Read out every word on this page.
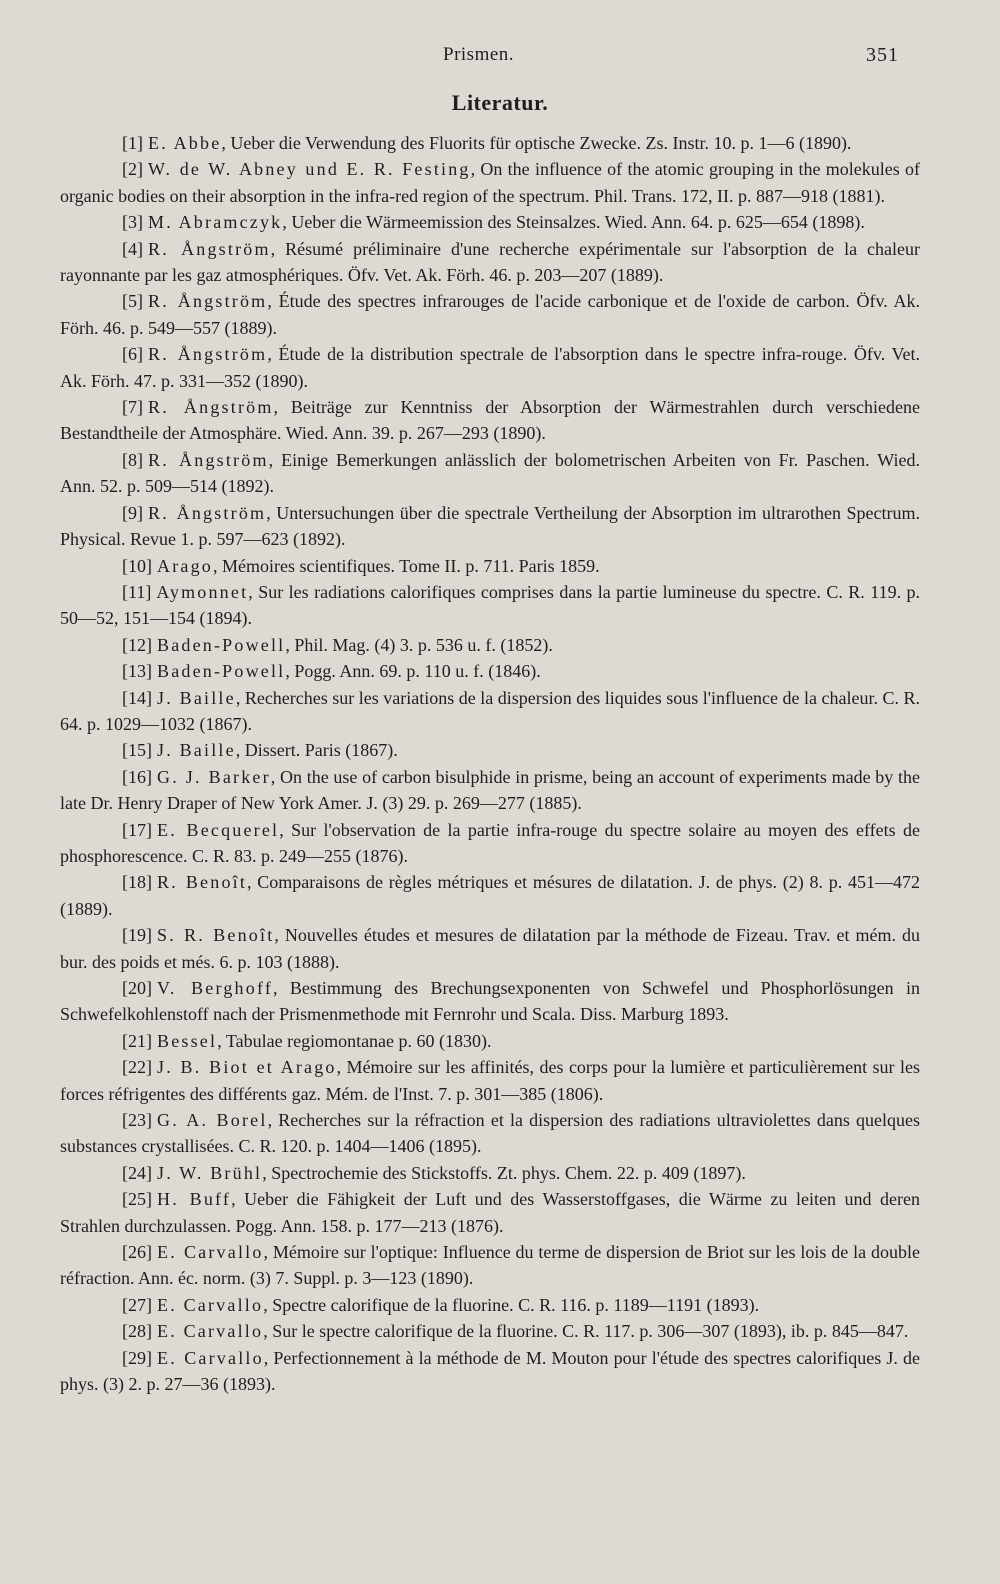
Prismen.	351
Literatur.

[1] E. Abbe, Ueber die Verwendung des Fluorits für optische Zwecke. Zs. Instr. 10. p. 1—6 (1890).

[2] W. de W. Abney und E. R. Festing, On the influence of the atomic grouping in the molekules of organic bodies on their absorption in the infra-red region of the spectrum. Phil. Trans. 172, II. p. 887—918 (1881).

[3] M. Abramczyk, Ueber die Wärmeemission des Steinsalzes. Wied. Ann. 64. p. 625—654 (1898).

[4] R. Ångström, Résumé préliminaire d'une recherche expérimentale sur l'absorption de la chaleur rayonnante par les gaz atmosphériques. Öfv. Vet. Ak. Förh. 46. p. 203—207 (1889).

[5] R. Ångström, Étude des spectres infrarouges de l'acide carbonique et de l'oxide de carbon. Öfv. Ak. Förh. 46. p. 549—557 (1889).

[6] R. Ångström, Étude de la distribution spectrale de l'absorption dans le spectre infra-rouge. Öfv. Vet. Ak. Förh. 47. p. 331—352 (1890).

[7] R. Ångström, Beiträge zur Kenntniss der Absorption der Wärmestrahlen durch verschiedene Bestandtheile der Atmosphäre. Wied. Ann. 39. p. 267—293 (1890).

[8] R. Ångström, Einige Bemerkungen anlässlich der bolometrischen Arbeiten von Fr. Paschen. Wied. Ann. 52. p. 509—514 (1892).

[9] R. Ångström, Untersuchungen über die spectrale Vertheilung der Absorption im ultrarothen Spectrum. Physical. Revue 1. p. 597—623 (1892).

[10] Arago, Mémoires scientifiques. Tome II. p. 711. Paris 1859.

[11] Aymonnet, Sur les radiations calorifiques comprises dans la partie lumineuse du spectre. C. R. 119. p. 50—52, 151—154 (1894).

[12] Baden-Powell, Phil. Mag. (4) 3. p. 536 u. f. (1852).

[13] Baden-Powell, Pogg. Ann. 69. p. 110 u. f. (1846).

[14] J. Baille, Recherches sur les variations de la dispersion des liquides sous l'influence de la chaleur. C. R. 64. p. 1029—1032 (1867).

[15] J. Baille, Dissert. Paris (1867).

[16] G. J. Barker, On the use of carbon bisulphide in prisme, being an account of experiments made by the late Dr. Henry Draper of New York Amer. J. (3) 29. p. 269—277 (1885).

[17] E. Becquerel, Sur l'observation de la partie infra-rouge du spectre solaire au moyen des effets de phosphorescence. C. R. 83. p. 249—255 (1876).

[18] R. Benoît, Comparaisons de règles métriques et mésures de dilatation. J. de phys. (2) 8. p. 451—472 (1889).

[19] S. R. Benoît, Nouvelles études et mesures de dilatation par la méthode de Fizeau. Trav. et mém. du bur. des poids et més. 6. p. 103 (1888).

[20] V. Berghoff, Bestimmung des Brechungsexponenten von Schwefel und Phosphorlösungen in Schwefelkohlenstoff nach der Prismenmethode mit Fernrohr und Scala. Diss. Marburg 1893.

[21] Bessel, Tabulae regiomontanae p. 60 (1830).

[22] J. B. Biot et Arago, Mémoire sur les affinités, des corps pour la lumière et particulièrement sur les forces réfrigentes des différents gaz. Mém. de l'Inst. 7. p. 301—385 (1806).

[23] G. A. Borel, Recherches sur la réfraction et la dispersion des radiations ultraviolettes dans quelques substances crystallisées. C. R. 120. p. 1404—1406 (1895).

[24] J. W. Brühl, Spectrochemie des Stickstoffs. Zt. phys. Chem. 22. p. 409 (1897).

[25] H. Buff, Ueber die Fähigkeit der Luft und des Wasserstoffgases, die Wärme zu leiten und deren Strahlen durchzulassen. Pogg. Ann. 158. p. 177—213 (1876).

[26] E. Carvallo, Mémoire sur l'optique: Influence du terme de dispersion de Briot sur les lois de la double réfraction. Ann. éc. norm. (3) 7. Suppl. p. 3—123 (1890).

[27] E. Carvallo, Spectre calorifique de la fluorine. C. R. 116. p. 1189—1191 (1893).

[28] E. Carvallo, Sur le spectre calorifique de la fluorine. C. R. 117. p. 306—307 (1893), ib. p. 845—847.

[29] E. Carvallo, Perfectionnement à la méthode de M. Mouton pour l'étude des spectres calorifiques J. de phys. (3) 2. p. 27—36 (1893).
